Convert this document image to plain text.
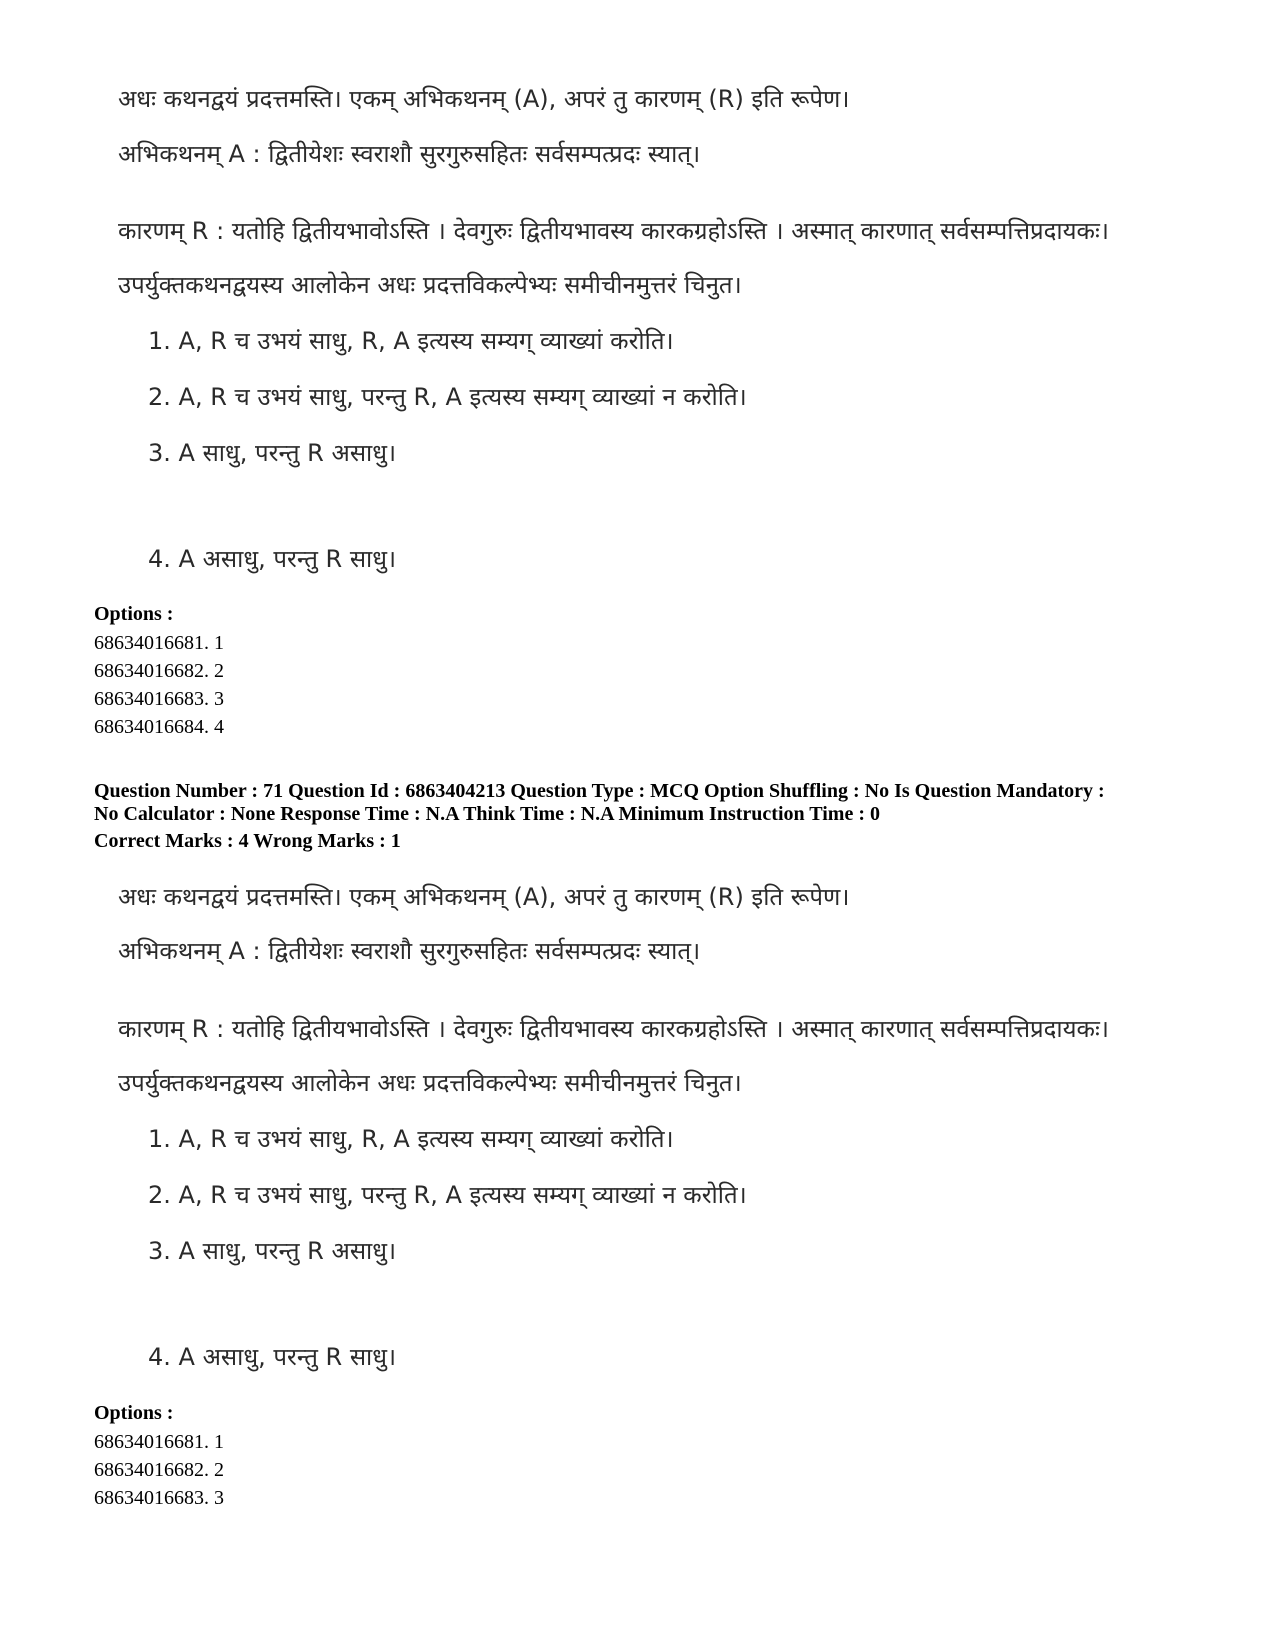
अधः कथनद्वयं प्रदत्तमस्ति। एकम् अभिकथनम् (A), अपरं तु कारणम् (R) इति रूपेण।

अभिकथनम् A : द्वितीयेशः स्वराशौ सुरगुरुसहितः सर्वसम्पत्प्रदः स्यात्।

कारणम् R : यतोहि द्वितीयभावोऽस्ति । देवगुरुः द्वितीयभावस्य कारकग्रहोऽस्ति । अस्मात् कारणात् सर्वसम्पत्तिप्रदायकः।

उपर्युक्तकथनद्वयस्य आलोकेन अधः प्रदत्तविकल्पेभ्यः समीचीनमुत्तरं चिनुत।

1. A, R च उभयं साधु, R, A इत्यस्य सम्यग् व्याख्यां करोति।

2. A, R च उभयं साधु, परन्तु R, A इत्यस्य सम्यग् व्याख्यां न करोति।

3. A साधु, परन्तु R असाधु।

4. A असाधु, परन्तु R साधु।

Options :

68634016681. 1

68634016682. 2

68634016683. 3

68634016684. 4

Question Number : 71 Question Id : 6863404213 Question Type : MCQ Option Shuffling : No Is Question Mandatory :

No Calculator : None Response Time : N.A Think Time : N.A Minimum Instruction Time : 0

Correct Marks : 4 Wrong Marks : 1

अधः कथनद्वयं प्रदत्तमस्ति। एकम् अभिकथनम् (A), अपरं तु कारणम् (R) इति रूपेण।

अभिकथनम् A : द्वितीयेशः स्वराशौ सुरगुरुसहितः सर्वसम्पत्प्रदः स्यात्।

कारणम् R : यतोहि द्वितीयभावोऽस्ति । देवगुरुः द्वितीयभावस्य कारकग्रहोऽस्ति । अस्मात् कारणात् सर्वसम्पत्तिप्रदायकः।

उपर्युक्तकथनद्वयस्य आलोकेन अधः प्रदत्तविकल्पेभ्यः समीचीनमुत्तरं चिनुत।

1. A, R च उभयं साधु, R, A इत्यस्य सम्यग् व्याख्यां करोति।

2. A, R च उभयं साधु, परन्तु R, A इत्यस्य सम्यग् व्याख्यां न करोति।

3. A साधु, परन्तु R असाधु।

4. A असाधु, परन्तु R साधु।

Options :

68634016681. 1

68634016682. 2

68634016683. 3
